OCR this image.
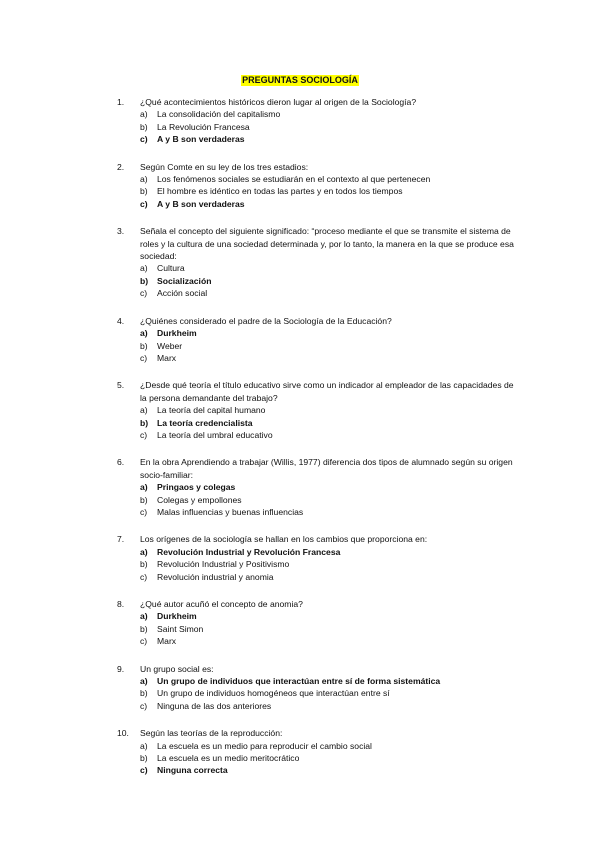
PREGUNTAS SOCIOLOGÍA
1.	¿Qué acontecimientos históricos dieron lugar al origen de la Sociología?
a)	La consolidación del capitalismo
b)	La Revolución Francesa
c)	A y B son verdaderas
2.	Según Comte en su ley de los tres estadios:
a)	Los fenómenos sociales se estudiarán en el contexto al que pertenecen
b)	El hombre es idéntico en todas las partes y en todos los tiempos
c)	A y B son verdaderas
3.	Señala el concepto del siguiente significado: “proceso mediante el que se transmite el sistema de roles y la cultura de una sociedad determinada y, por lo tanto, la manera en la que se produce esa sociedad:
a)	Cultura
b)	Socialización
c)	Acción social
4.	¿Quiénes considerado el padre de la Sociología de la Educación?
a)	Durkheim
b)	Weber
c)	Marx
5.	¿Desde qué teoría el título educativo sirve como un indicador al empleador de las capacidades de la persona demandante del trabajo?
a)	La teoría del capital humano
b)	La teoría credencialista
c)	La teoría del umbral educativo
6.	En la obra Aprendiendo a trabajar (Willis, 1977) diferencia dos tipos de alumnado según su origen socio-familiar:
a)	Pringaos y colegas
b)	Colegas y empollones
c)	Malas influencias y buenas influencias
7.	Los orígenes de la sociología se hallan en los cambios que proporciona en:
a)	Revolución Industrial y Revolución Francesa
b)	Revolución Industrial y Positivismo
c)	Revolución industrial y anomia
8.	¿Qué autor acuñó el concepto de anomia?
a)	Durkheim
b)	Saint Simon
c)	Marx
9.	Un grupo social es:
a)	Un grupo de individuos que interactúan entre sí de forma sistemática
b)	Un grupo de individuos homogéneos que interactúan entre sí
c)	Ninguna de las dos anteriores
10.	Según las teorías de la reproducción:
a)	La escuela es un medio para reproducir el cambio social
b)	La escuela es un medio meritocrático
c)	Ninguna correcta
